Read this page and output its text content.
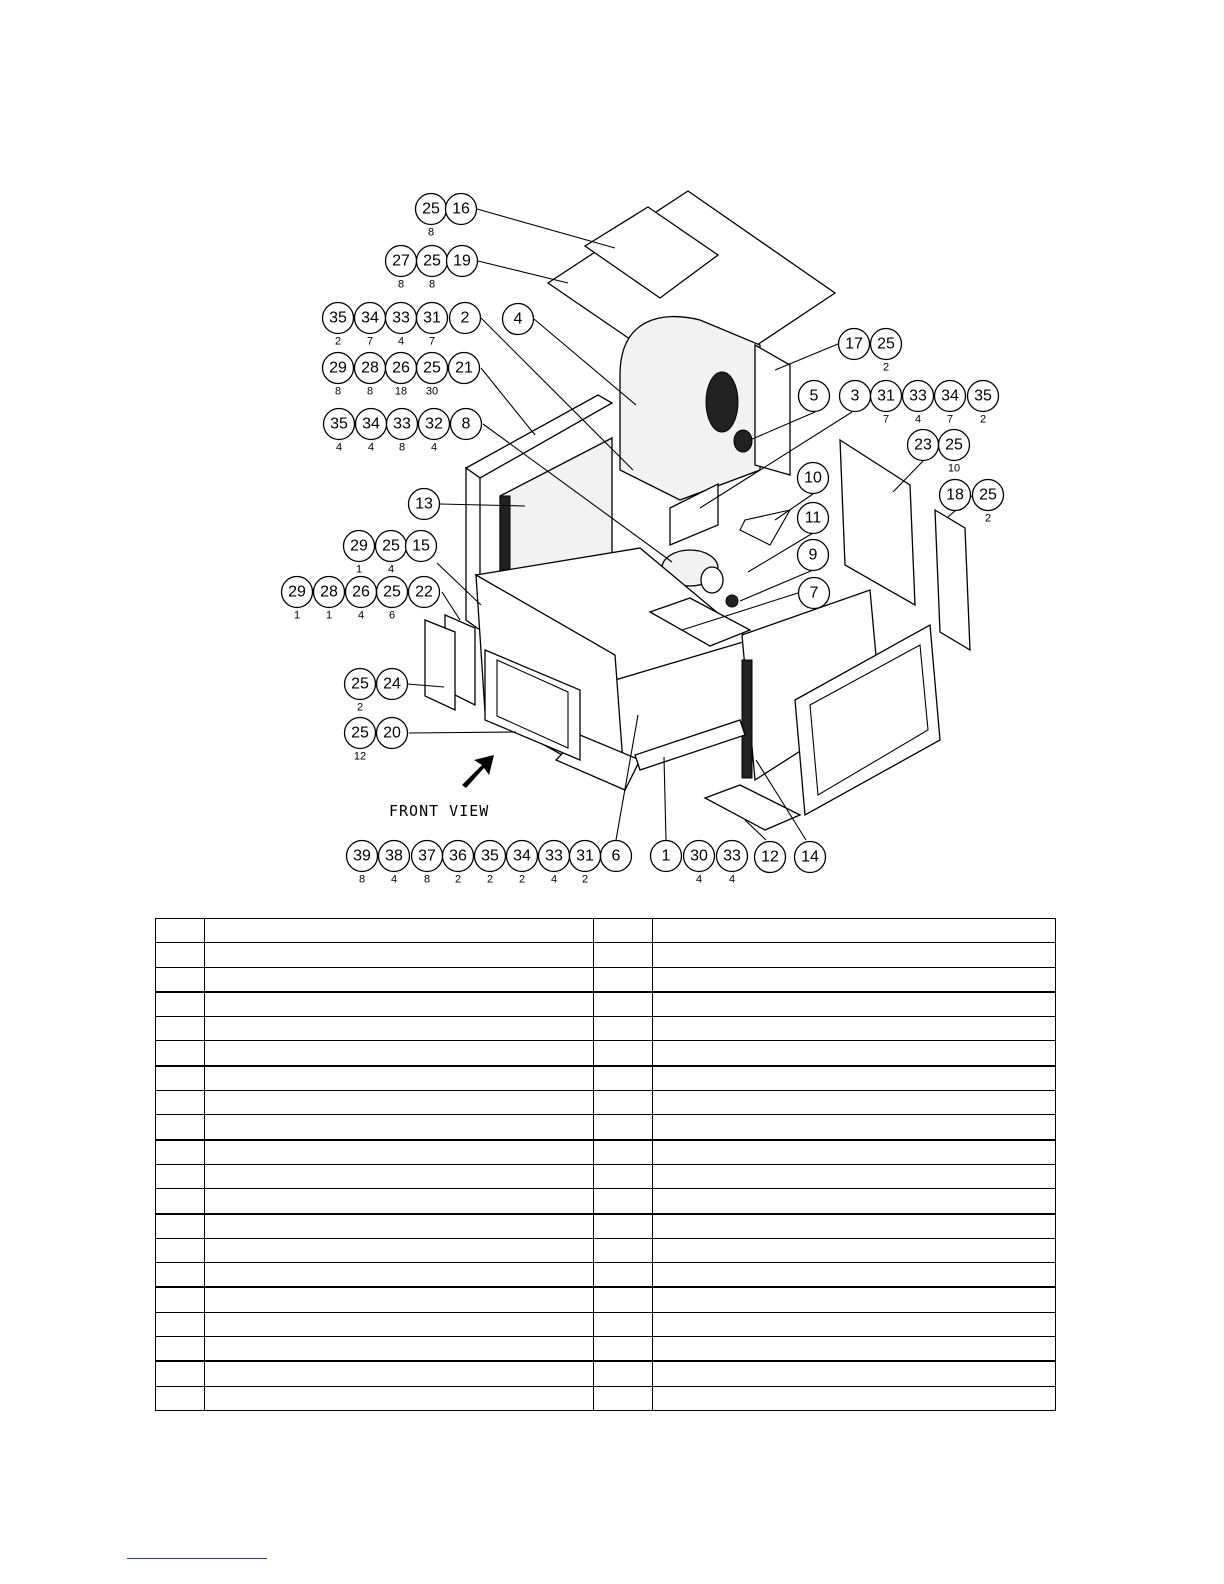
FRONT VIEW
25
8
16
27
8
25
8
19
35
2
34
7
33
4
31
7
2	4
29
8
28
8
26
18
25
30
21
35
4
34
4
33
8
32
4
8
17 25
2
5 3 31
7
33
4
34
7
35
2
23 25
10
13
10
18 25
2
11
29
1
25
4
15
9
29
1
28
1
26
4
25
6
22	7
25
2
24
25
12
20
39
8
38
4
37
8
36
2
35
2
34
2
33
4
31
2
6	1 30
4
33
4
12 14
